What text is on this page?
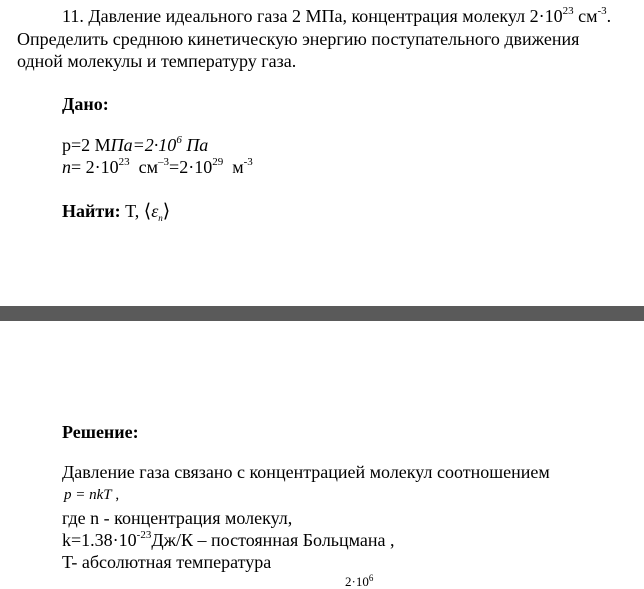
11. Давление идеального газа 2 МПа, концентрация молекул $2\cdot 10^{23}$ $см^{-3}$.
Определить среднюю кинетическую энергию поступательного движения
одной молекулы и температуру газа.
Дано:
p=2 $МПа=2\cdot 10^6$ Па
$n= 2\cdot 10^{23}$  $см^{-3}=2\cdot 10^{29}$  $м^{-3}$
Найти: T, $⟨\varepsilon_п⟩$
Решение:
Давление газа связано с концентрацией молекул соотношением
p = nkT ,
где n - концентрация молекул,
$k=1.38\cdot 10^{-23}Дж/К$ – постоянная Больцмана ,
T- абсолютная температура
$2\cdot 10^6$
